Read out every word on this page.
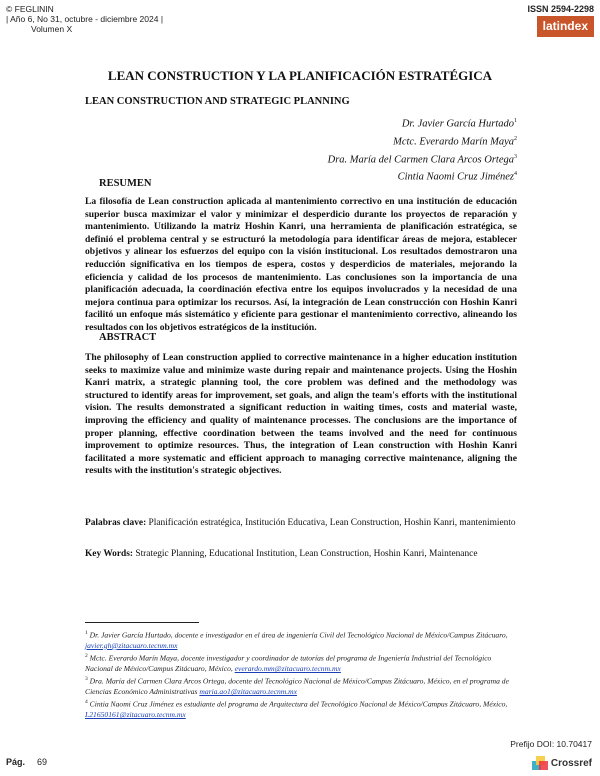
© FEGLININ
| Año 6, No 31, octubre - diciembre 2024 |
Volumen X
ISSN 2594-2298
latindex
LEAN CONSTRUCTION Y LA PLANIFICACIÓN ESTRATÉGICA
LEAN CONSTRUCTION AND STRATEGIC PLANNING
Dr. Javier García Hurtado$^1$
Mctc. Everardo Marín Maya$^2$
Dra. María del Carmen Clara Arcos Ortega$^3$
Cintia Naomi Cruz Jiménez$^4$
RESUMEN
La filosofía de Lean construction aplicada al mantenimiento correctivo en una institución de educación superior busca maximizar el valor y minimizar el desperdicio durante los proyectos de reparación y mantenimiento. Utilizando la matriz Hoshin Kanri, una herramienta de planificación estratégica, se definió el problema central y se estructuró la metodología para identificar áreas de mejora, establecer objetivos y alinear los esfuerzos del equipo con la visión institucional. Los resultados demostraron una reducción significativa en los tiempos de espera, costos y desperdicios de materiales, mejorando la eficiencia y calidad de los procesos de mantenimiento. Las conclusiones son la importancia de una planificación adecuada, la coordinación efectiva entre los equipos involucrados y la necesidad de una mejora continua para optimizar los recursos. Así, la integración de Lean construcción con Hoshin Kanri facilitó un enfoque más sistemático y eficiente para gestionar el mantenimiento correctivo, alineando los resultados con los objetivos estratégicos de la institución.
ABSTRACT
The philosophy of Lean construction applied to corrective maintenance in a higher education institution seeks to maximize value and minimize waste during repair and maintenance projects. Using the Hoshin Kanri matrix, a strategic planning tool, the core problem was defined and the methodology was structured to identify areas for improvement, set goals, and align the team's efforts with the institutional vision. The results demonstrated a significant reduction in waiting times, costs and material waste, improving the efficiency and quality of maintenance processes. The conclusions are the importance of proper planning, effective coordination between the teams involved and the need for continuous improvement to optimize resources. Thus, the integration of Lean construction with Hoshin Kanri facilitated a more systematic and efficient approach to managing corrective maintenance, aligning the results with the institution's strategic objectives.
Palabras clave: Planificación estratégica, Institución Educativa, Lean Construction, Hoshin Kanri, mantenimiento
Key Words: Strategic Planning, Educational Institution, Lean Construction, Hoshin Kanri, Maintenance

$^1$ Dr. Javier García Hurtado, docente e investigador en el área de ingeniería Civil del Tecnológico Nacional de México/Campus Zitácuaro, javier.gh@zitacuaro.tecnm.mx

$^2$ Mctc. Everardo Marín Maya, docente investigador y coordinador de tutorías del programa de Ingeniería Industrial del Tecnológico Nacional de México/Campus Zitácuaro, México, everardo.mm@zitacuaro.tecnm.mx

$^3$ Dra. María del Carmen Clara Arcos Ortega, docente del Tecnológico Nacional de México/Campus Zitácuaro, México, en el programa de Ciencias Económico Administrativas maria.ao1@zitacuaro.tecnm.mx

$^4$ Cintia Naomi Cruz Jiménez es estudiante del programa de Arquitectura del Tecnológico Nacional de México/Campus Zitácuaro, México, L21650161@zitacuaro.tecnm.mx

Prefijo DOI: 10.70417
Crossref
Pág. 69
